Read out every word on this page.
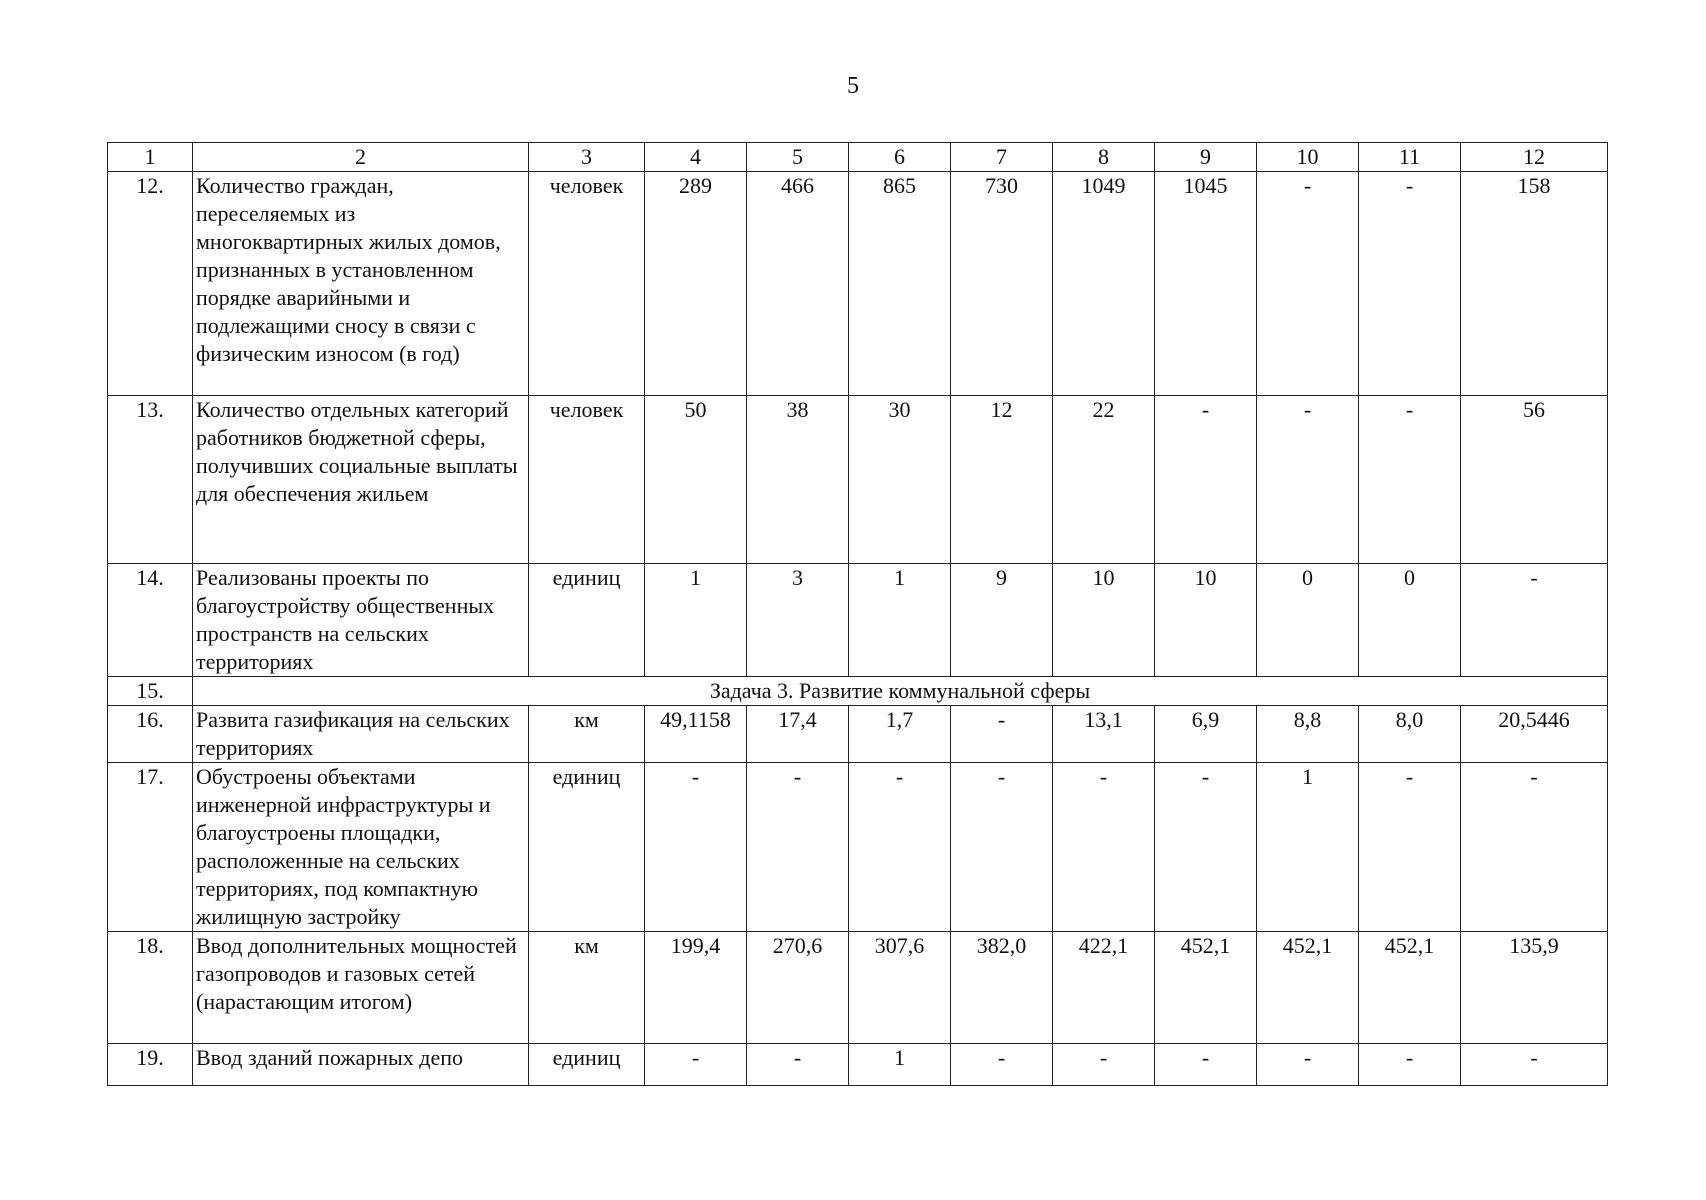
5
1	2	3	4	5	6	7	8	9	10	11	12
12.	Количество граждан, переселяемых из многоквартирных жилых домов, признанных в установленном порядке аварийными и подлежащими сносу в связи с физическим износом (в год)	человек	289	466	865	730	1049	1045	-	-	158
13.	Количество отдельных категорий работников бюджетной сферы, получивших социальные выплаты для обеспечения жильем	человек	50	38	30	12	22	-	-	-	56
14.	Реализованы проекты по благоустройству общественных пространств на сельских территориях	единиц	1	3	1	9	10	10	0	0	-
15.	Задача 3. Развитие коммунальной сферы										
16.	Развита газификация на сельских территориях	км	49,1158	17,4	1,7	-	13,1	6,9	8,8	8,0	20,5446
17.	Обустроены объектами инженерной инфраструктуры и благоустроены площадки, расположенные на сельских территориях, под компактную жилищную застройку	единиц	-	-	-	-	-	-	1	-	-
18.	Ввод дополнительных мощностей газопроводов и газовых сетей (нарастающим итогом)	км	199,4	270,6	307,6	382,0	422,1	452,1	452,1	452,1	135,9
19.	Ввод зданий пожарных депо	единиц	-	-	1	-	-	-	-	-	-
